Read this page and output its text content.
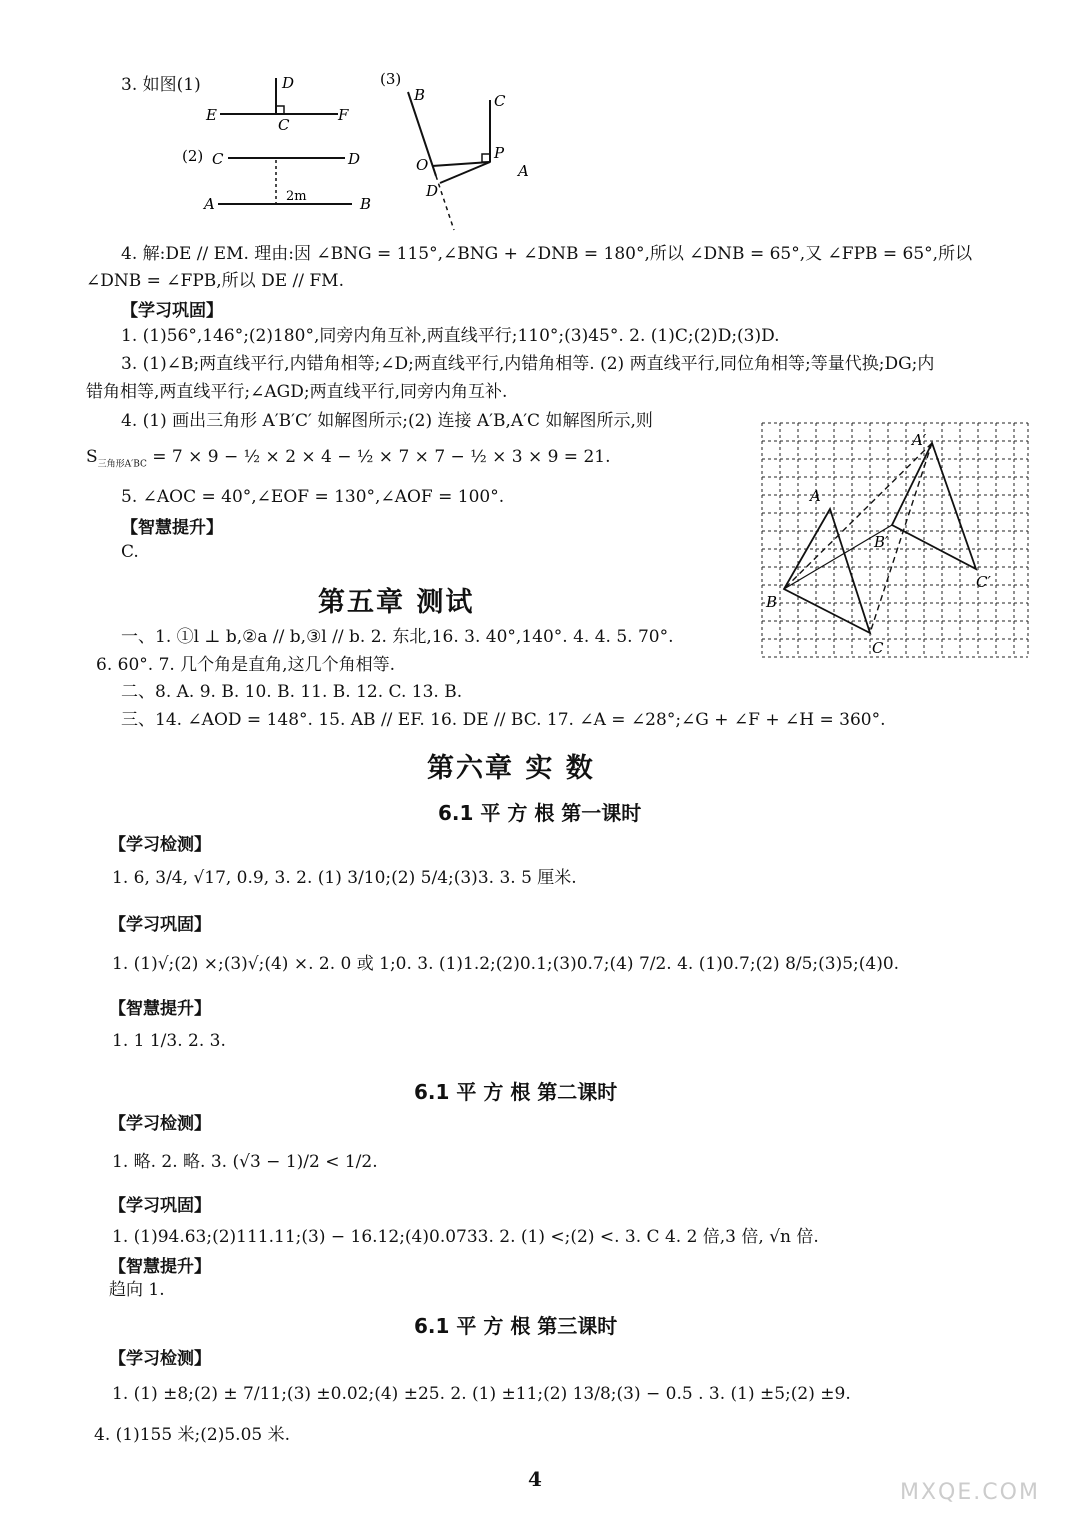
3. 如图(1)	D
E
C
F
(2) C	D
A	B
2m
(3)
B	C
O
P
A
D
4. 解:DE // EM. 理由:因 ∠BNG = 115°,∠BNG + ∠DNB = 180°,所以 ∠DNB = 65°,又 ∠FPB = 65°,所以
∠DNB = ∠FPB,所以 DE // FM.
【学习巩固】
1. (1)56°,146°;(2)180°,同旁内角互补,两直线平行;110°;(3)45°. 2. (1)C;(2)D;(3)D.
3. (1)∠B;两直线平行,内错角相等;∠D;两直线平行,内错角相等. (2) 两直线平行,同位角相等;等量代换;DG;内
错角相等,两直线平行;∠AGD;两直线平行,同旁内角互补.
4. (1) 画出三角形 A′B′C′ 如解图所示;(2) 连接 A′B,A′C 如解图所示,则
$S_{三角形A'BC} = 7 \times 9$ − ½ × 2 × 4 − ½ × 7 × 7 − ½ × 3 × 9 = 21.
5. ∠AOC = 40°,∠EOF = 130°,∠AOF = 100°.
【智慧提升】
C.
A′
A
B′
B
C′
C
第五章 测试
一、1. ①l ⊥ b,②a // b,③l // b. 2. 东北,16. 3. 40°,140°. 4. 4. 5. 70°.
6. 60°. 7. 几个角是直角,这几个角相等.
二、8. A. 9. B. 10. B. 11. B. 12. C. 13. B.
三、14. ∠AOD = 148°. 15. AB // EF. 16. DE // BC. 17. ∠A = ∠28°;∠G + ∠F + ∠H = 360°.
第六章 实 数
6.1 平 方 根 第一课时
【学习检测】
1. 6, 3/4, √17, 0.9, 3. 2. (1) 3/10;(2) 5/4;(3)3. 3. 5 厘米.
【学习巩固】
1. (1)√;(2) ×;(3)√;(4) ×. 2. 0 或 1;0. 3. (1)1.2;(2)0.1;(3)0.7;(4) 7/2. 4. (1)0.7;(2) 8/5;(3)5;(4)0.
【智慧提升】
1. 1 1/3. 2. 3.
6.1 平 方 根 第二课时
【学习检测】
1. 略. 2. 略. 3. (√3 − 1)/2 < 1/2.
【学习巩固】
1. (1)94.63;(2)111.11;(3) − 16.12;(4)0.0733. 2. (1) <;(2) <. 3. C 4. 2 倍,3 倍, √n 倍.
【智慧提升】
趋向 1.
6.1 平 方 根 第三课时
【学习检测】
1. (1) ±8;(2) ± 7/11;(3) ±0.02;(4) ±25. 2. (1) ±11;(2) 13/8;(3) − 0.5 . 3. (1) ±5;(2) ±9.
4. (1)155 米;(2)5.05 米.
4
MXQE.COM
